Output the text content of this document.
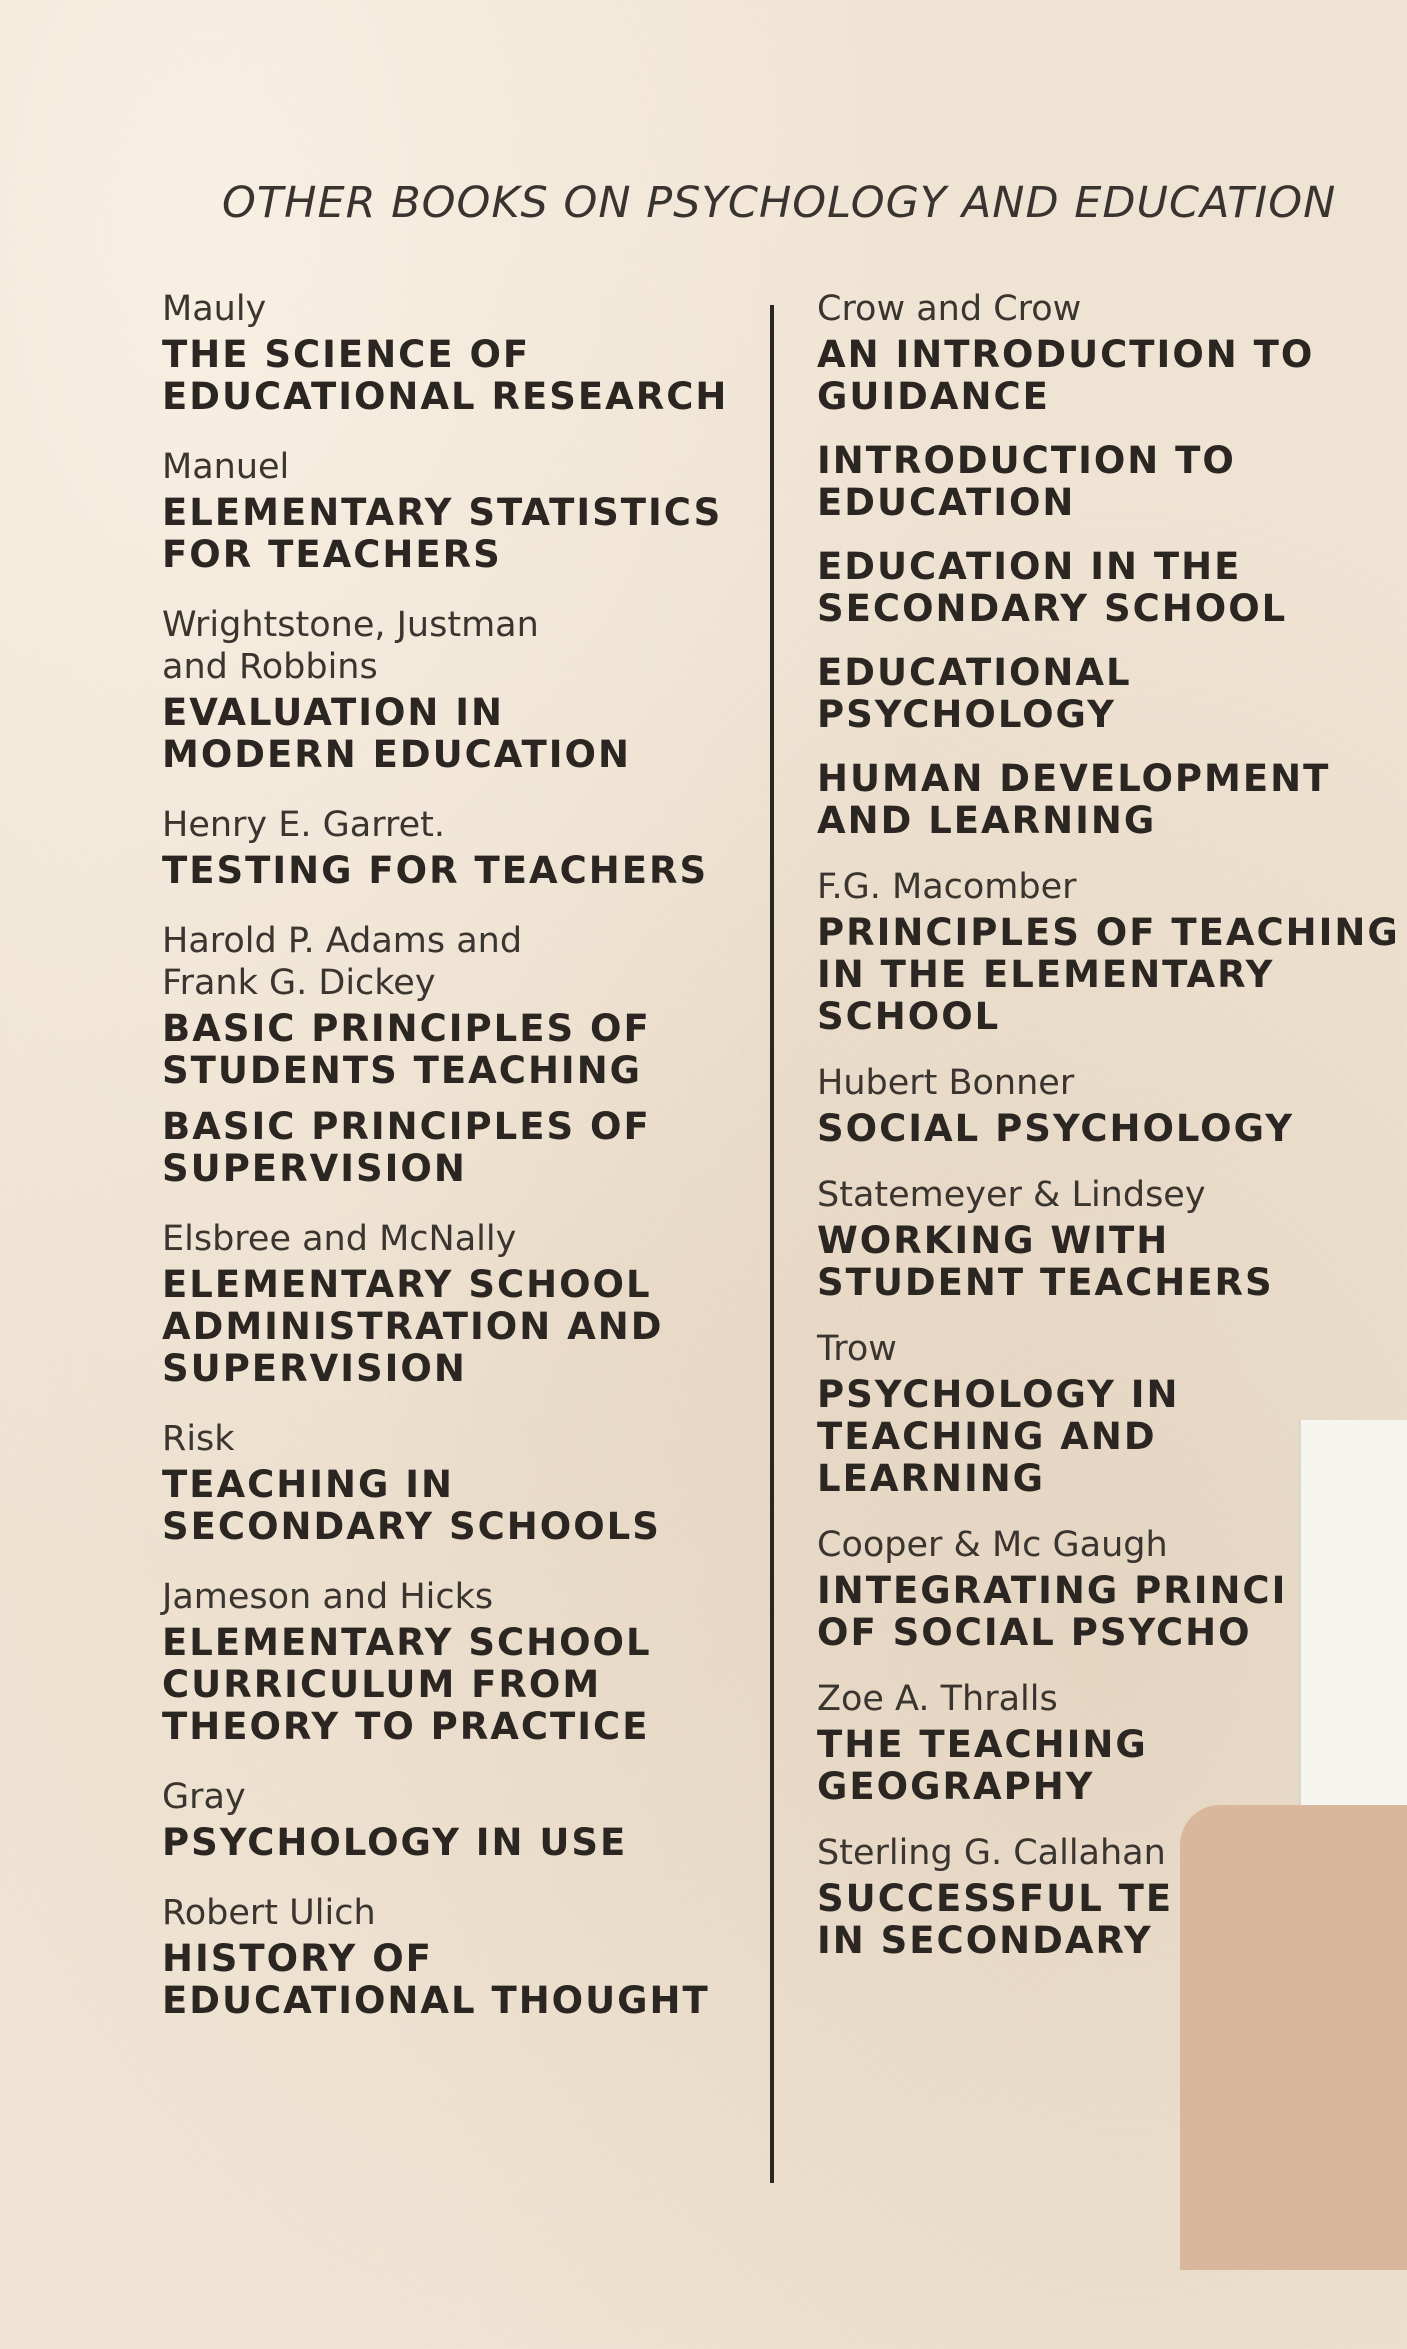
OTHER BOOKS ON PSYCHOLOGY AND EDUCATION
Mauly
THE SCIENCE OF
EDUCATIONAL RESEARCH
Manuel
ELEMENTARY STATISTICS
FOR TEACHERS
Wrightstone, Justman
and Robbins
EVALUATION IN
MODERN EDUCATION
Henry E. Garret.
TESTING FOR TEACHERS
Harold P. Adams and
Frank G. Dickey
BASIC PRINCIPLES OF
STUDENTS TEACHING
BASIC PRINCIPLES OF
SUPERVISION
Elsbree and McNally
ELEMENTARY SCHOOL
ADMINISTRATION AND
SUPERVISION
Risk
TEACHING IN
SECONDARY SCHOOLS
Jameson and Hicks
ELEMENTARY SCHOOL
CURRICULUM FROM
THEORY TO PRACTICE
Gray
PSYCHOLOGY IN USE
Robert Ulich
HISTORY OF
EDUCATIONAL THOUGHT
Crow and Crow
AN INTRODUCTION TO
GUIDANCE
INTRODUCTION TO
EDUCATION
EDUCATION IN THE
SECONDARY SCHOOL
EDUCATIONAL
PSYCHOLOGY
HUMAN DEVELOPMENT
AND LEARNING
F.G. Macomber
PRINCIPLES OF TEACHING
IN THE ELEMENTARY
SCHOOL
Hubert Bonner
SOCIAL PSYCHOLOGY
Statemeyer & Lindsey
WORKING WITH
STUDENT TEACHERS
Trow
PSYCHOLOGY IN
TEACHING AND
LEARNING
Cooper & Mc Gaugh
INTEGRATING PRINCI
OF SOCIAL PSYCHO
Zoe A. Thralls
THE TEACHING
GEOGRAPHY
Sterling G. Callahan
SUCCESSFUL TE
IN SECONDARY
